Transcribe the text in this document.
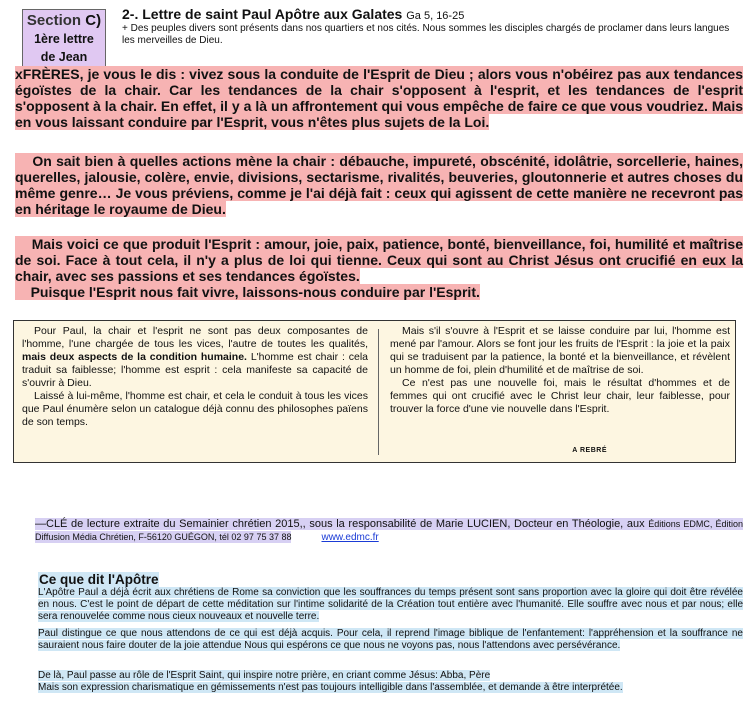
Section C)
1ère lettre
de Jean
2-. Lettre de saint Paul Apôtre aux Galates Ga 5, 16-25
+ Des peuples divers sont présents dans nos quartiers et nos cités. Nous sommes les disciples chargés de proclamer dans leurs langues les merveilles de Dieu.
xFRÈRES, je vous le dis : vivez sous la conduite de l'Esprit de Dieu ; alors vous n'obéirez pas aux tendances égoïstes de la chair. Car les tendances de la chair s'opposent à l'esprit, et les tendances de l'esprit s'opposent à la chair. En effet, il y a là un affrontement qui vous empêche de faire ce que vous voudriez. Mais en vous laissant conduire par l'Esprit, vous n'êtes plus sujets de la Loi.
On sait bien à quelles actions mène la chair : débauche, impureté, obscénité, idolâtrie, sorcellerie, haines, querelles, jalousie, colère, envie, divisions, sectarisme, rivalités, beuveries, gloutonnerie et autres choses du même genre… Je vous préviens, comme je l'ai déjà fait : ceux qui agissent de cette manière ne recevront pas en héritage le royaume de Dieu.
Mais voici ce que produit l'Esprit : amour, joie, paix, patience, bonté, bienveillance, foi, humilité et maîtrise de soi. Face à tout cela, il n'y a plus de loi qui tienne. Ceux qui sont au Christ Jésus ont crucifié en eux la chair, avec ses passions et ses tendances égoïstes.
Puisque l'Esprit nous fait vivre, laissons-nous conduire par l'Esprit.

Pour Paul, la chair et l'esprit ne sont pas deux composantes de l'homme, l'une chargée de tous les vices, l'autre de toutes les qualités, mais deux aspects de la condition humaine. L'homme est chair : cela traduit sa faiblesse; l'homme est esprit : cela manifeste sa capacité de s'ouvrir à Dieu.

Laissé à lui-même, l'homme est chair, et cela le conduit à tous les vices que Paul énumère selon un catalogue déjà connu des philosophes païens de son temps.

Mais s'il s'ouvre à l'Esprit et se laisse conduire par lui, l'homme est mené par l'amour. Alors se font jour les fruits de l'Esprit : la joie et la paix qui se traduisent par la patience, la bonté et la bienveillance, et révèlent un homme de foi, plein d'humilité et de maîtrise de soi.

Ce n'est pas une nouvelle foi, mais le résultat d'hommes et de femmes qui ont crucifié avec le Christ leur chair, leur faiblesse, pour trouver la force d'une vie nouvelle dans l'Esprit.

A REBRÉ
—CLÉ de lecture extraite du Semainier chrétien 2015,, sous la responsabilité de Marie LUCIEN, Docteur en Théologie, aux Éditions EDMC, Édition Diffusion Média Chrétien, F-56120 GUÉGON, tél 02 97 75 37 88	www.edmc.fr
Ce que dit l'Apôtre
L'Apôtre Paul a déjà écrit aux chrétiens de Rome sa conviction que les souffrances du temps présent sont sans proportion avec la gloire qui doit être révélée en nous. C'est le point de départ de cette méditation sur l'intime solidarité de la Création tout entière avec l'humanité. Elle souffre avec nous et par nous; elle sera renouvelée comme nous cieux nouveaux et nouvelle terre.
Paul distingue ce que nous attendons de ce qui est déjà acquis. Pour cela, il reprend l'image biblique de l'enfantement: l'appréhension et la souffrance ne sauraient nous faire douter de la joie attendue Nous qui espérons ce que nous ne voyons pas, nous l'attendons avec persévérance.
De là, Paul passe au rôle de l'Esprit Saint, qui inspire notre prière, en criant comme Jésus: Abba, Père
Mais son expression charismatique en gémissements n'est pas toujours intelligible dans l'assemblée, et demande à être interprétée.
